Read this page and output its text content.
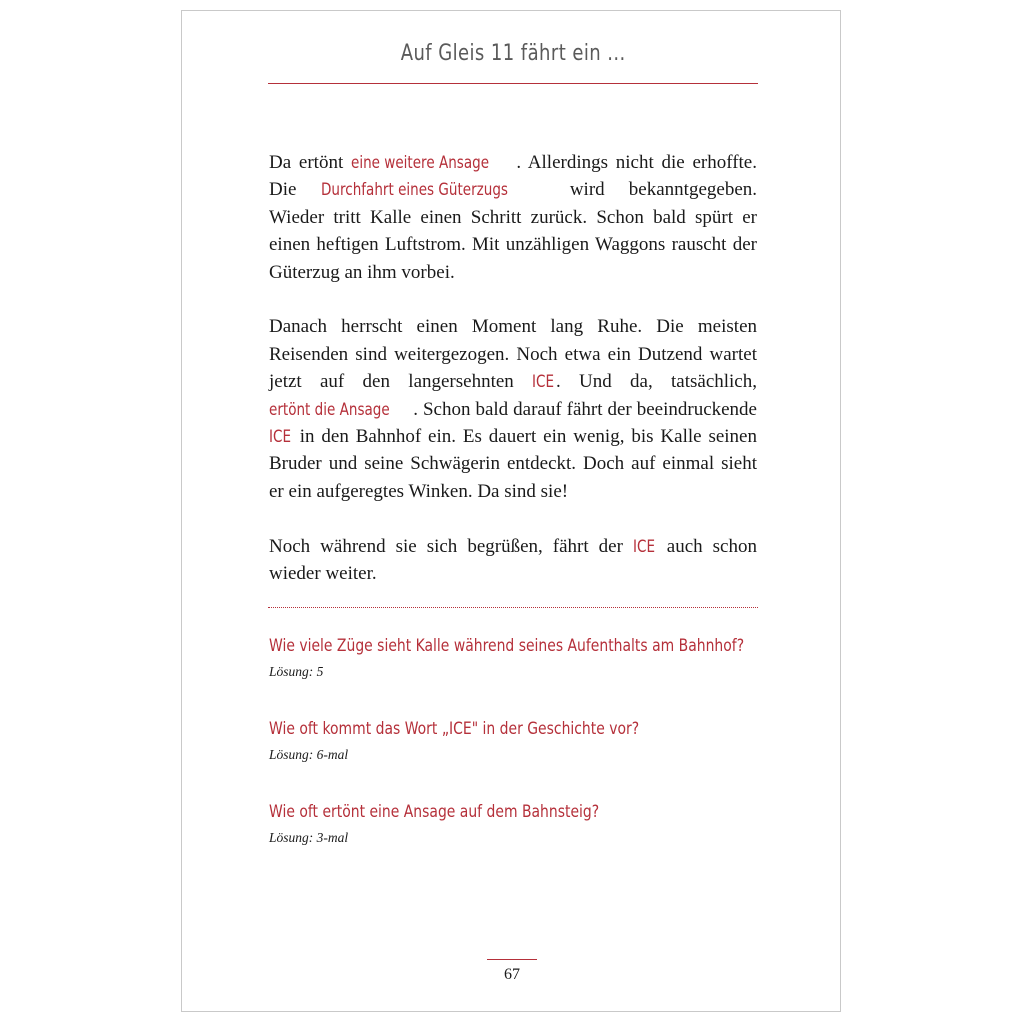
Auf Gleis 11 fährt ein ...

Da ertönt eine weitere Ansage . Allerdings nicht die erhoffte. Die Durchfahrt eines Güterzugs wird bekanntgegeben. Wieder tritt Kalle einen Schritt zurück. Schon bald spürt er einen heftigen Luftstrom. Mit unzähligen Waggons rauscht der Güterzug an ihm vorbei.

Danach herrscht einen Moment lang Ruhe. Die meisten Reisenden sind weitergezogen. Noch etwa ein Dutzend wartet jetzt auf den langersehnten ICE. Und da, tatsächlich, ertönt die Ansage . Schon bald darauf fährt der beeindruckende ICE in den Bahnhof ein. Es dauert ein wenig, bis Kalle seinen Bruder und seine Schwägerin entdeckt. Doch auf einmal sieht er ein aufgeregtes Winken. Da sind sie!

Noch während sie sich begrüßen, fährt der ICE auch schon wieder weiter.

Wie viele Züge sieht Kalle während seines Aufenthalts am Bahnhof?
Lösung: 5
Wie oft kommt das Wort „ICE" in der Geschichte vor?
Lösung: 6-mal
Wie oft ertönt eine Ansage auf dem Bahnsteig?
Lösung: 3-mal
67
